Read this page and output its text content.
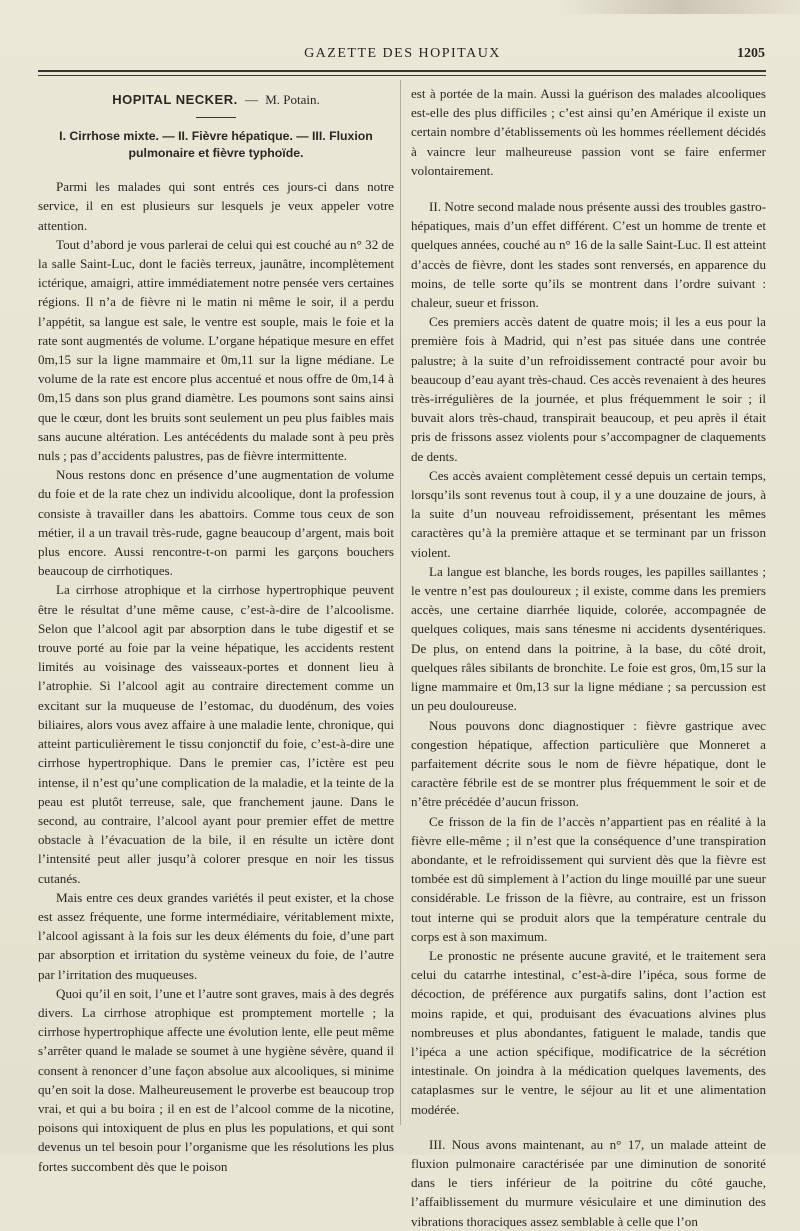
GAZETTE DES HOPITAUX	1205
HOPITAL NECKER. — M. Potain.
I. Cirrhose mixte. — II. Fièvre hépatique. — III. Fluxion pulmonaire et fièvre typhoïde.

Parmi les malades qui sont entrés ces jours-ci dans notre service, il en est plusieurs sur lesquels je veux appeler votre attention.

Tout d’abord je vous parlerai de celui qui est couché au n° 32 de la salle Saint-Luc, dont le faciès terreux, jaunâtre, incomplètement ictérique, amaigri, attire immédiatement notre pensée vers certaines régions. Il n’a de fièvre ni le matin ni même le soir, il a perdu l’appétit, sa langue est sale, le ventre est souple, mais le foie et la rate sont augmentés de volume. L’organe hépatique mesure en effet 0m,15 sur la ligne mammaire et 0m,11 sur la ligne médiane. Le volume de la rate est encore plus accentué et nous offre de 0m,14 à 0m,15 dans son plus grand diamètre. Les poumons sont sains ainsi que le cœur, dont les bruits sont seulement un peu plus faibles mais sans aucune altération. Les antécédents du malade sont à peu près nuls ; pas d’accidents palustres, pas de fièvre intermittente.

Nous restons donc en présence d’une augmentation de volume du foie et de la rate chez un individu alcoolique, dont la profession consiste à travailler dans les abattoirs. Comme tous ceux de son métier, il a un travail très-rude, gagne beaucoup d’argent, mais boit plus encore. Aussi rencontre-t-on parmi les garçons bouchers beaucoup de cirrhotiques.

La cirrhose atrophique et la cirrhose hypertrophique peuvent être le résultat d’une même cause, c’est-à-dire de l’alcoolisme. Selon que l’alcool agit par absorption dans le tube digestif et se trouve porté au foie par la veine hépatique, les accidents restent limités au voisinage des vaisseaux-portes et donnent lieu à l’atrophie. Si l’alcool agit au contraire directement comme un excitant sur la muqueuse de l’estomac, du duodénum, des voies biliaires, alors vous avez affaire à une maladie lente, chronique, qui atteint particulièrement le tissu conjonctif du foie, c’est-à-dire une cirrhose hypertrophique. Dans le premier cas, l’ictère est peu intense, il n’est qu’une complication de la maladie, et la teinte de la peau est plutôt terreuse, sale, que franchement jaune. Dans le second, au contraire, l’alcool ayant pour premier effet de mettre obstacle à l’évacuation de la bile, il en résulte un ictère dont l’intensité peut aller jusqu’à colorer presque en noir les tissus cutanés.

Mais entre ces deux grandes variétés il peut exister, et la chose est assez fréquente, une forme intermédiaire, véritablement mixte, l’alcool agissant à la fois sur les deux éléments du foie, d’une part par absorption et irritation du système veineux du foie, de l’autre par l’irritation des muqueuses.

Quoi qu’il en soit, l’une et l’autre sont graves, mais à des degrés divers. La cirrhose atrophique est promptement mortelle ; la cirrhose hypertrophique affecte une évolution lente, elle peut même s’arrêter quand le malade se soumet à une hygiène sévère, quand il consent à renoncer d’une façon absolue aux alcooliques, si minime qu’en soit la dose. Malheureusement le proverbe est beaucoup trop vrai, et qui a bu boira ; il en est de l’alcool comme de la nicotine, poisons qui intoxiquent de plus en plus les populations, et qui sont devenus un tel besoin pour l’organisme que les résolutions les plus fortes succombent dès que le poison

est à portée de la main. Aussi la guérison des malades alcooliques est-elle des plus difficiles ; c’est ainsi qu’en Amérique il existe un certain nombre d’établissements où les hommes réellement décidés à vaincre leur malheureuse passion vont se faire enfermer volontairement.

II. Notre second malade nous présente aussi des troubles gastro-hépatiques, mais d’un effet différent. C’est un homme de trente et quelques années, couché au n° 16 de la salle Saint-Luc. Il est atteint d’accès de fièvre, dont les stades sont renversés, en apparence du moins, de telle sorte qu’ils se montrent dans l’ordre suivant : chaleur, sueur et frisson.

Ces premiers accès datent de quatre mois; il les a eus pour la première fois à Madrid, qui n’est pas située dans une contrée palustre; à la suite d’un refroidissement contracté pour avoir bu beaucoup d’eau ayant très-chaud. Ces accès revenaient à des heures très-irrégulières de la journée, et plus fréquemment le soir ; il buvait alors très-chaud, transpirait beaucoup, et peu après il était pris de frissons assez violents pour s’accompagner de claquements de dents.

Ces accès avaient complètement cessé depuis un certain temps, lorsqu’ils sont revenus tout à coup, il y a une douzaine de jours, à la suite d’un nouveau refroidissement, présentant les mêmes caractères qu’à la première attaque et se terminant par un frisson violent.

La langue est blanche, les bords rouges, les papilles saillantes ; le ventre n’est pas douloureux ; il existe, comme dans les premiers accès, une certaine diarrhée liquide, colorée, accompagnée de quelques coliques, mais sans ténesme ni accidents dysentériques. De plus, on entend dans la poitrine, à la base, du côté droit, quelques râles sibilants de bronchite. Le foie est gros, 0m,15 sur la ligne mammaire et 0m,13 sur la ligne médiane ; sa percussion est un peu douloureuse.

Nous pouvons donc diagnostiquer : fièvre gastrique avec congestion hépatique, affection particulière que Monneret a parfaitement décrite sous le nom de fièvre hépatique, dont le caractère fébrile est de se montrer plus fréquemment le soir et de n’être précédée d’aucun frisson.

Ce frisson de la fin de l’accès n’appartient pas en réalité à la fièvre elle-même ; il n’est que la conséquence d’une transpiration abondante, et le refroidissement qui survient dès que la fièvre est tombée est dû simplement à l’action du linge mouillé par une sueur considérable. Le frisson de la fièvre, au contraire, est un frisson tout interne qui se produit alors que la température centrale du corps est à son maximum.

Le pronostic ne présente aucune gravité, et le traitement sera celui du catarrhe intestinal, c’est-à-dire l’ipéca, sous forme de décoction, de préférence aux purgatifs salins, dont l’action est moins rapide, et qui, produisant des évacuations alvines plus nombreuses et plus abondantes, fatiguent le malade, tandis que l’ipéca a une action spécifique, modificatrice de la sécrétion intestinale. On joindra à la médication quelques lavements, des cataplasmes sur le ventre, le séjour au lit et une alimentation modérée.

III. Nous avons maintenant, au n° 17, un malade atteint de fluxion pulmonaire caractérisée par une diminution de sonorité dans le tiers inférieur de la poitrine du côté gauche, l’affaiblissement du murmure vésiculaire et une diminution des vibrations thoraciques assez semblable à celle que l’on
